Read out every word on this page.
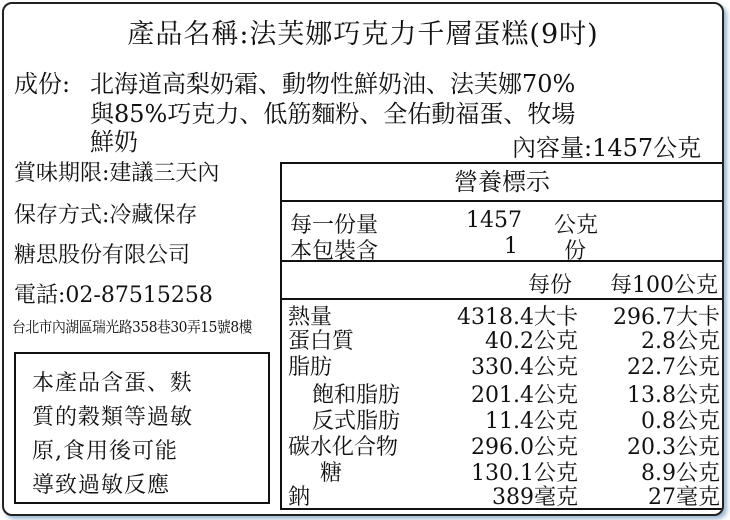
產品名稱:法芙娜巧克力千層蛋糕(9吋)
成份: 北海道高梨奶霜、動物性鮮奶油、法芙娜70%
與85%巧克力、低筋麵粉、全佑動福蛋、牧場
鮮奶	內容量:1457公克
賞味期限:建議三天內
保存方式:冷藏保存
糖思股份有限公司
電話:02-87515258
台北市內湖區瑞光路358巷30弄15號8樓
本產品含蛋、麩
質的穀類等過敏
原,食用後可能
導致過敏反應
營養標示
每一份量	1457 公克
本包裝含	1 份
每份	每100公克
熱量	4318.4大卡	296.7大卡
蛋白質	40.2公克	2.8公克
脂肪	330.4公克	22.7公克
飽和脂肪	201.4公克	13.8公克
反式脂肪	11.4公克	0.8公克
碳水化合物	296.0公克	20.3公克
糖	130.1公克	8.9公克
鈉	389毫克	27毫克
